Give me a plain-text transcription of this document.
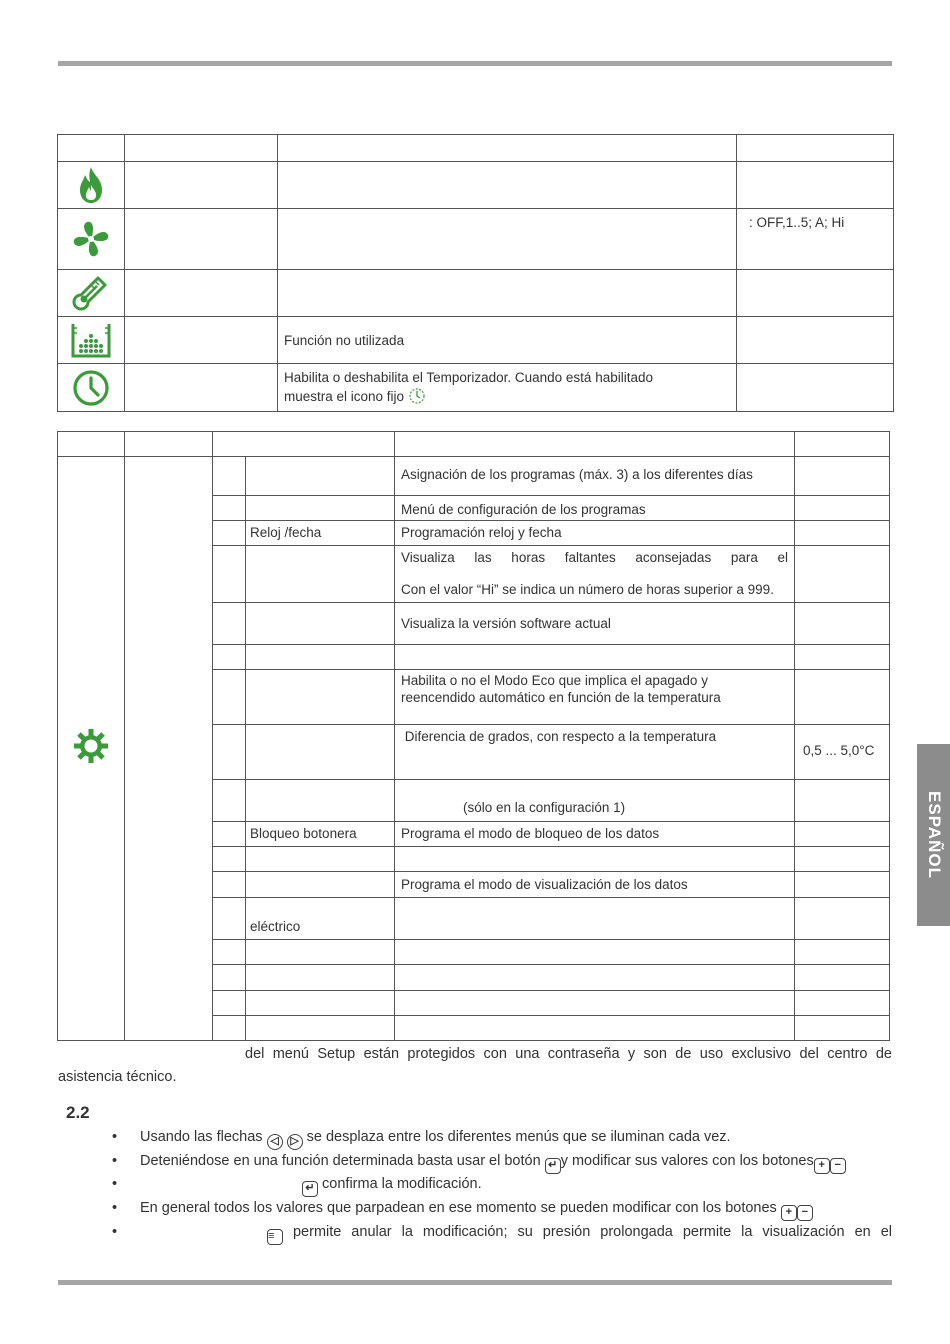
ESPAÑOL

			: OFF,1..5; A; Hi

		Función no utilizada	
		Habilita o deshabilita el Temporizador. Cuando está habilitado
muestra el icono fijo	

				Asignación de los programas (máx. 3) a los diferentes días	
				Menú de configuración de los programas	
			Reloj /fecha	Programación reloj y fecha	

				Visualiza las horas faltantes aconsejadas para el
Con el valor “Hi” se indica un número de horas superior a 999.	

				Visualiza la versión software actual	

				Habilita o no el Modo Eco que implica el apagado y
reencendido automático en función de la temperatura	

				Diferencia de grados, con respecto a la temperatura	0,5 ... 5,0°C
				(sólo en la configuración 1)	
			Bloqueo botonera	Programa el modo de bloqueo de los datos	

				Programa el modo de visualización de los datos	
			eléctrico		

del menú Setup están protegidos con una contraseña y son de uso exclusivo del centro de
asistencia técnico.
2.2
• Usando las flechas ◁ ▷ se desplaza entre los diferentes menús que se iluminan cada vez.
• Deteniéndose en una función determinada basta usar el botón ↵ y modificar sus valores con los botones + −
•	↵ confirma la modificación.
• En general todos los valores que parpadean en ese momento se pueden modificar con los botones + −
•	≡ permite anular la modificación; su presión prolongada permite la visualización en el
